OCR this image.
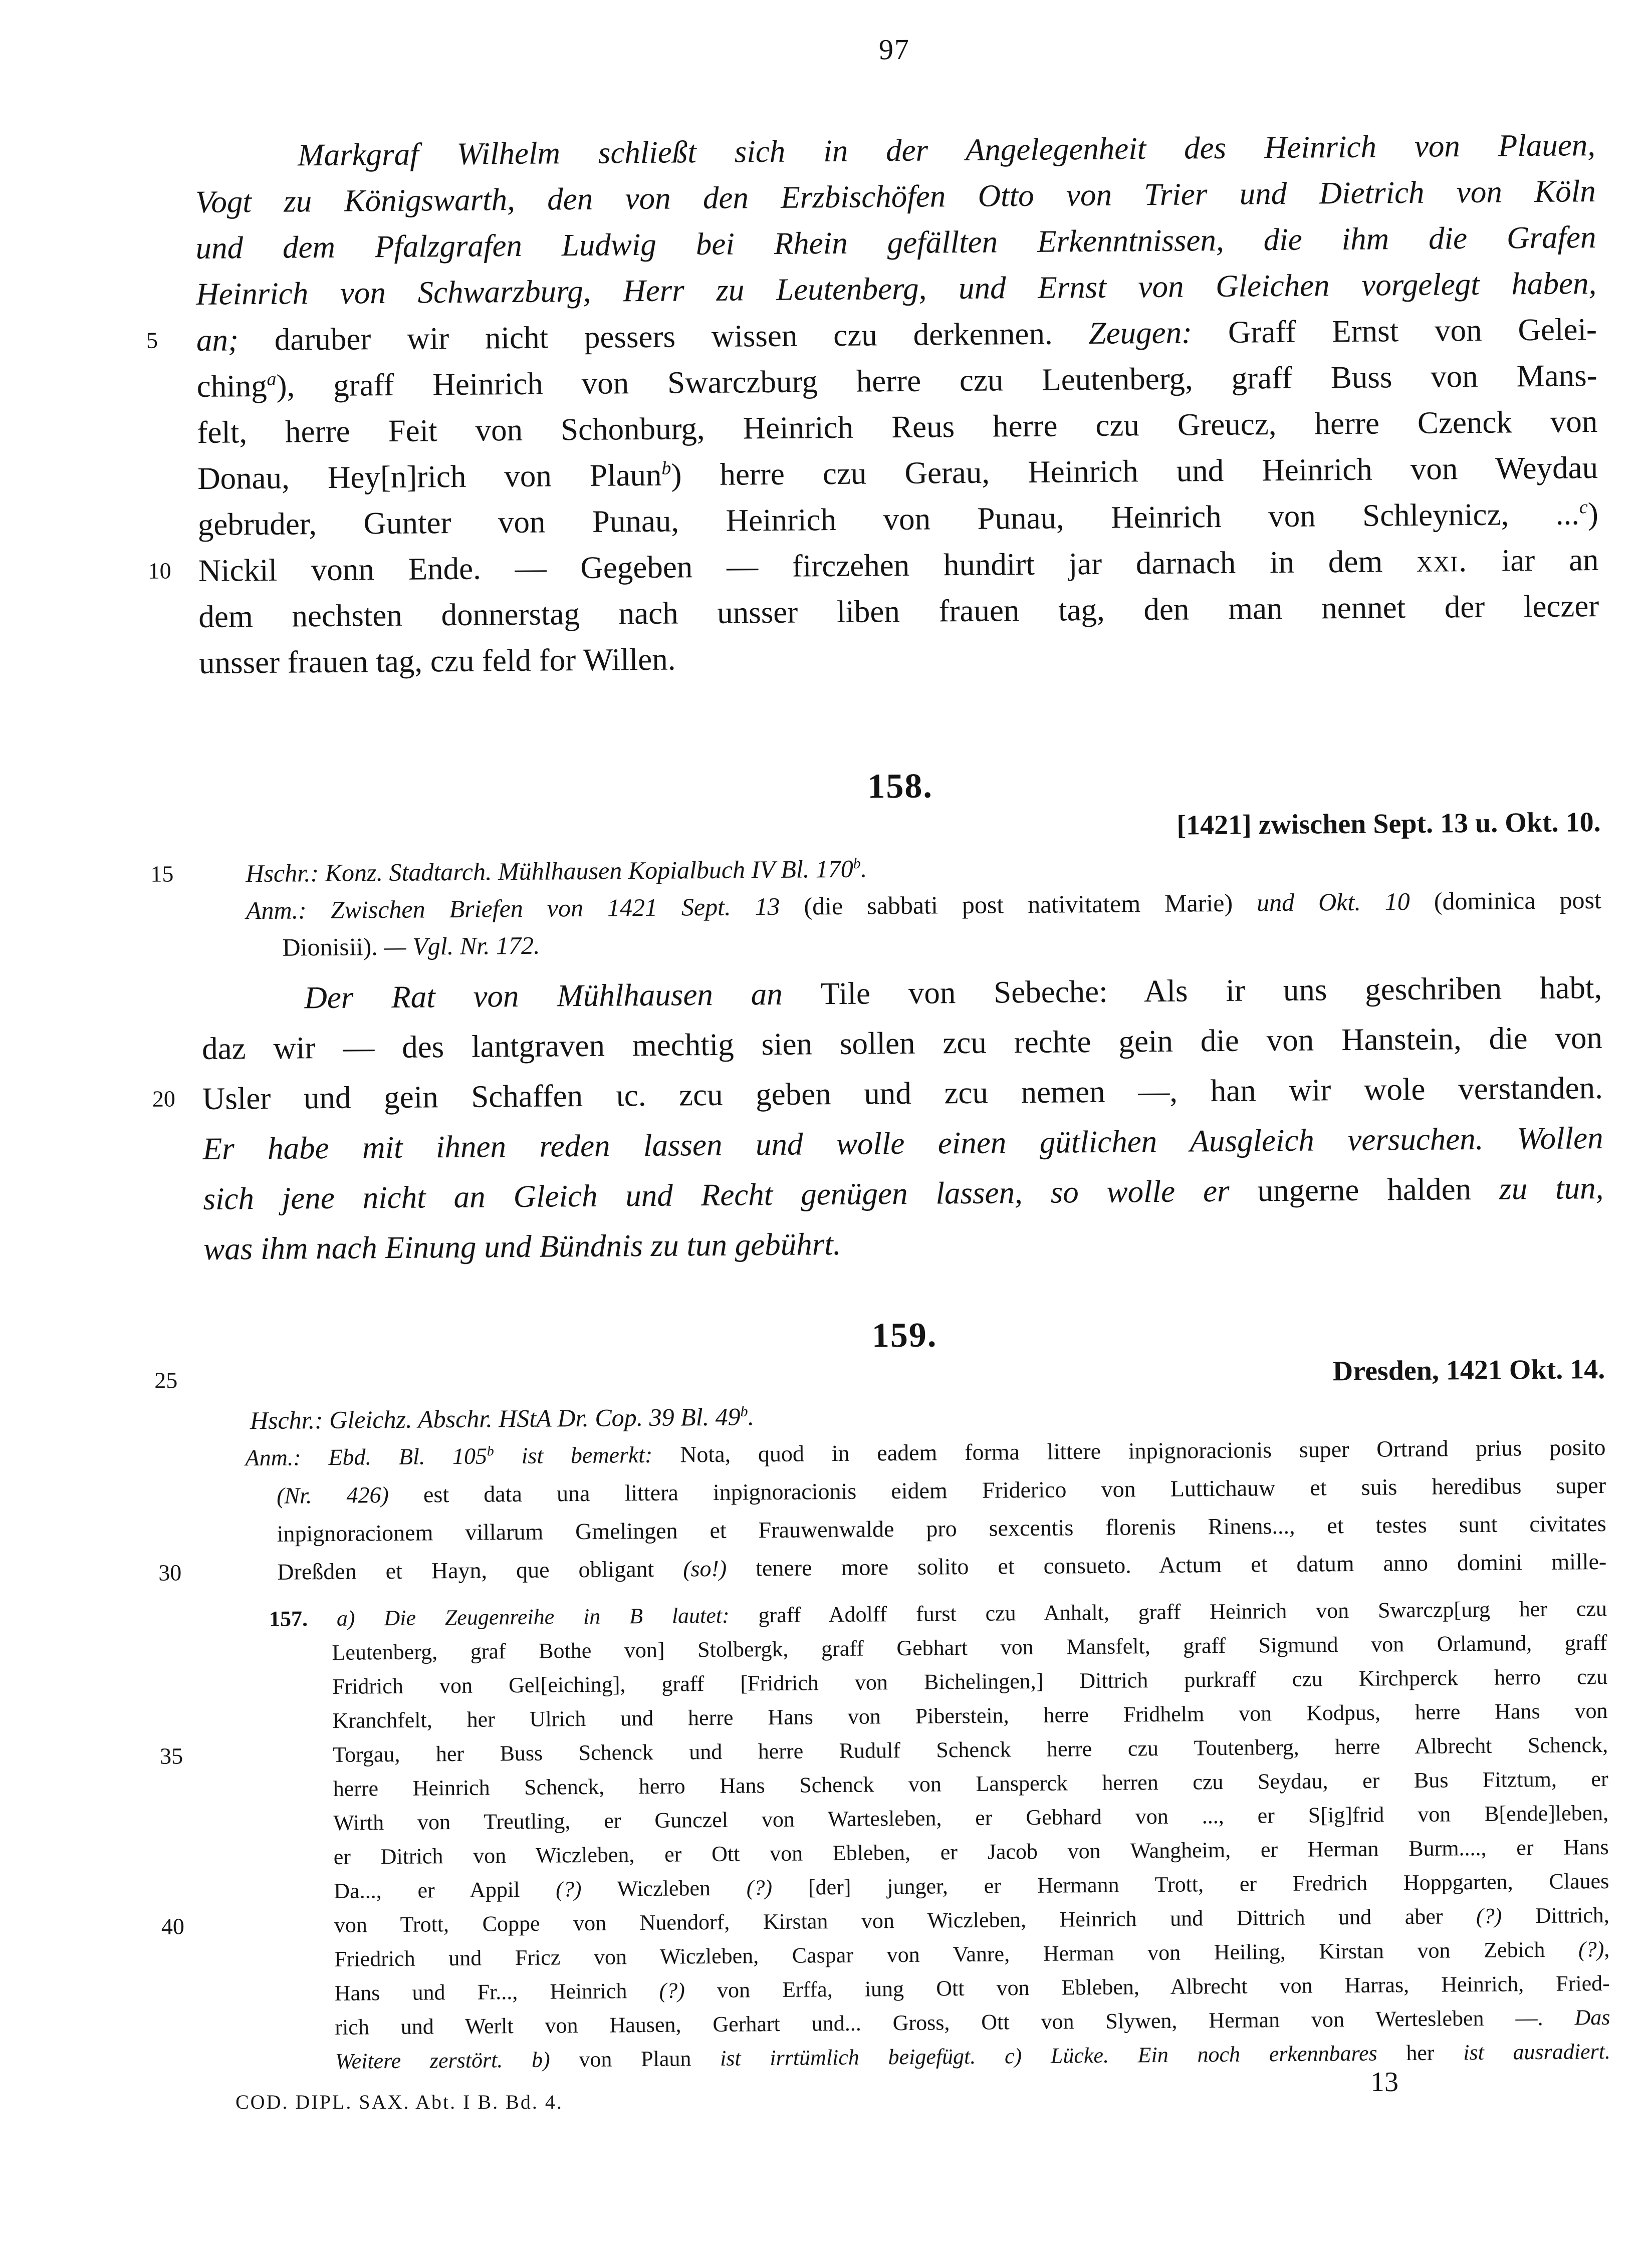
97
Markgraf Wilhelm schließt sich in der Angelegenheit des Heinrich von Plauen,
Vogt zu Königswarth, den von den Erzbischöfen Otto von Trier und Dietrich von Köln
und dem Pfalzgrafen Ludwig bei Rhein gefällten Erkenntnissen, die ihm die Grafen
Heinrich von Schwarzburg, Herr zu Leutenberg, und Ernst von Gleichen vorgelegt haben,
5	an; daruber wir nicht pessers wissen czu derkennen. Zeugen: Graff Ernst von Gelei-
ching$^a$), graff Heinrich von Swarczburg herre czu Leutenberg, graff Buss von Mans-
felt, herre Feit von Schonburg, Heinrich Reus herre czu Greucz, herre Czenck von
Donau, Hey[n]rich von Plaun$^b$) herre czu Gerau, Heinrich und Heinrich von Weydau
gebruder, Gunter von Punau, Heinrich von Punau, Heinrich von Schleynicz, ...$^c$)
10 Nickil vonn Ende. — Gegeben — firczehen hundirt jar darnach in dem xxi. iar an
dem nechsten donnerstag nach unsser liben frauen tag, den man nennet der leczer
unsser frauen tag, czu feld for Willen.
158.
[1421] zwischen Sept. 13 u. Okt. 10.
15	Hschr.: Konz. Stadtarch. Mühlhausen Kopialbuch IV Bl. 170$^b$.
Anm.: Zwischen Briefen von 1421 Sept. 13 (die sabbati post nativitatem Marie) und Okt. 10 (dominica post
Dionisii). — Vgl. Nr. 172.
Der Rat von Mühlhausen an Tile von Sebeche: Als ir uns geschriben habt,
daz wir — des lantgraven mechtig sien sollen zcu rechte gein die von Hanstein, die von
20 Usler und gein Schaffen ɩc. zcu geben und zcu nemen —, han wir wole verstanden.
Er habe mit ihnen reden lassen und wolle einen gütlichen Ausgleich versuchen. Wollen
sich jene nicht an Gleich und Recht genügen lassen, so wolle er ungerne halden zu tun,
was ihm nach Einung und Bündnis zu tun gebührt.
159.
25	Dresden, 1421 Okt. 14.
Hschr.: Gleichz. Abschr. HStA Dr. Cop. 39 Bl. 49$^b$.
Anm.: Ebd. Bl. 105$^b$ ist bemerkt: Nota, quod in eadem forma littere inpignoracionis super Ortrand prius posito
(Nr. 426) est data una littera inpignoracionis eidem Friderico von Luttichauw et suis heredibus super
inpignoracionem villarum Gmelingen et Frauwenwalde pro sexcentis florenis Rinens..., et testes sunt civitates
30	Dreßden et Hayn, que obligant (so!) tenere more solito et consueto. Actum et datum anno domini mille-
157. a) Die Zeugenreihe in B lautet: graff Adolff furst czu Anhalt, graff Heinrich von Swarczp[urg her czu
Leutenberg, graf Bothe von] Stolbergk, graff Gebhart von Mansfelt, graff Sigmund von Orlamund, graff
Fridrich von Gel[eiching], graff [Fridrich von Bichelingen,] Dittrich purkraff czu Kirchperck herro czu
Kranchfelt, her Ulrich und herre Hans von Piberstein, herre Fridhelm von Kodpus, herre Hans von
35	Torgau, her Buss Schenck und herre Rudulf Schenck herre czu Toutenberg, herre Albrecht Schenck,
herre Heinrich Schenck, herro Hans Schenck von Lansperck herren czu Seydau, er Bus Fitztum, er
Wirth von Treutling, er Gunczel von Wartesleben, er Gebhard von ..., er S[ig]frid von B[ende]leben,
er Ditrich von Wiczleben, er Ott von Ebleben, er Jacob von Wangheim, er Herman Burm...., er Hans
Da..., er Appil (?) Wiczleben (?) [der] junger, er Hermann Trott, er Fredrich Hoppgarten, Claues
40	von Trott, Coppe von Nuendorf, Kirstan von Wiczleben, Heinrich und Dittrich und aber (?) Dittrich,
Friedrich und Fricz von Wiczleben, Caspar von Vanre, Herman von Heiling, Kirstan von Zebich (?),
Hans und Fr..., Heinrich (?) von Erffa, iung Ott von Ebleben, Albrecht von Harras, Heinrich, Fried-
rich und Werlt von Hausen, Gerhart und... Gross, Ott von Slywen, Herman von Wertesleben —. Das
Weitere zerstört. b) von Plaun ist irrtümlich beigefügt. c) Lücke. Ein noch erkennbares her ist ausradiert.
COD. DIPL. SAX. Abt. I B. Bd. 4.
13
